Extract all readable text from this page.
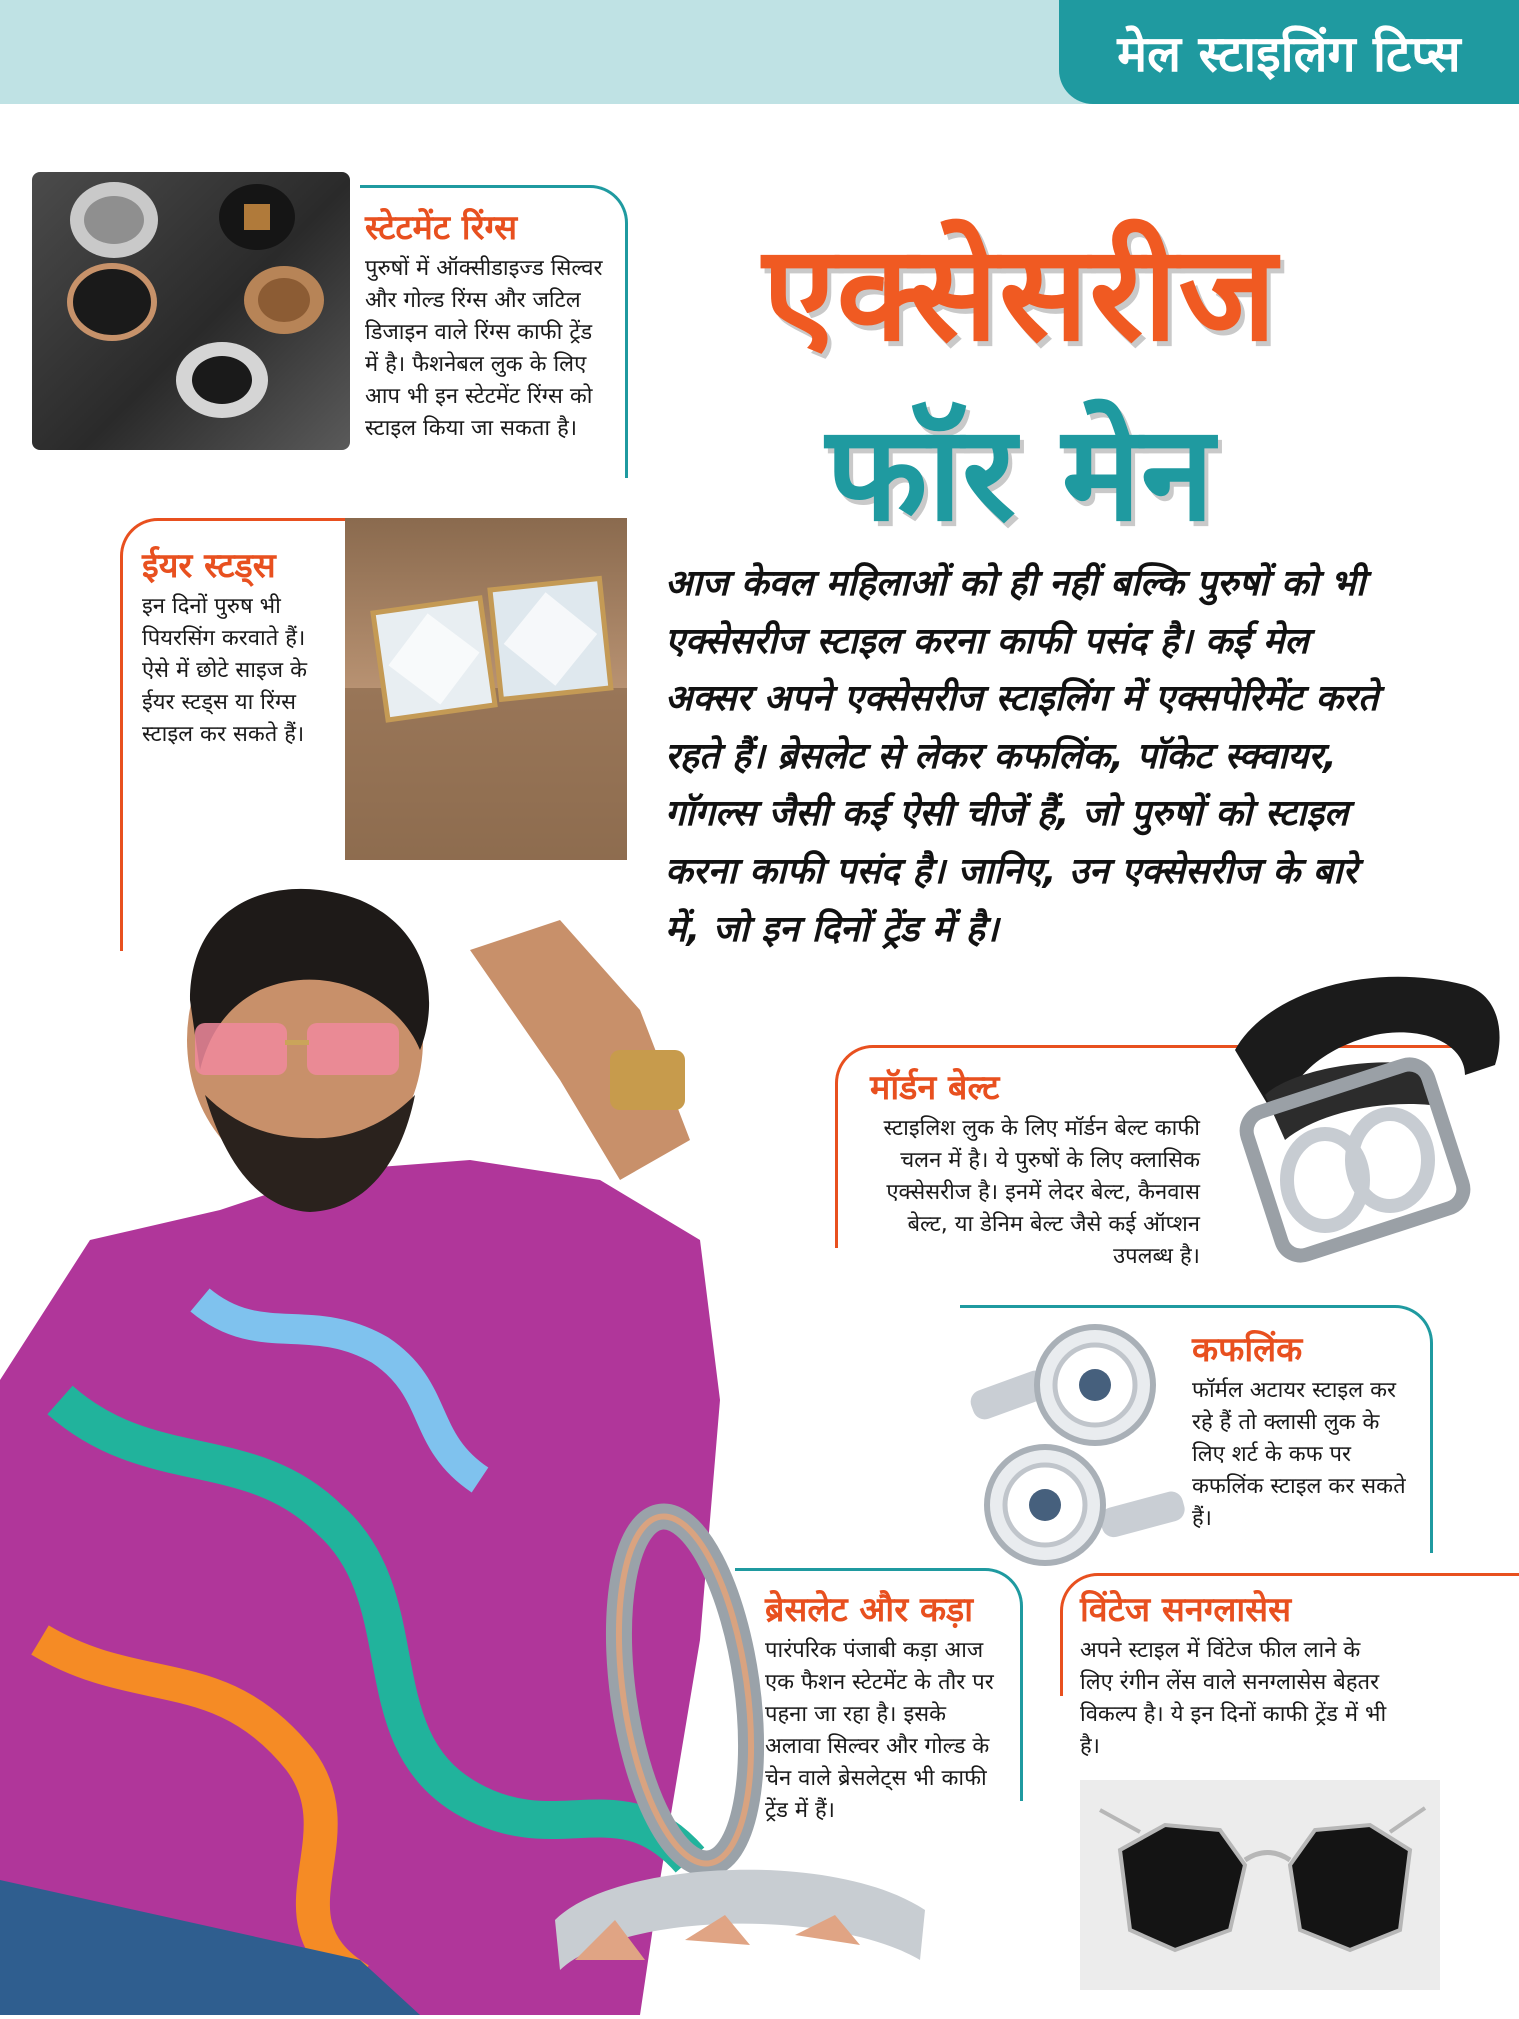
मेल स्टाइलिंग टिप्स

स्टेटमेंट रिंग्स

पुरुषों में ऑक्सीडाइज्ड सिल्वर और गोल्ड रिंग्स और जटिल डिजाइन वाले रिंग्स काफी ट्रेंड में है। फैशनेबल लुक के लिए आप भी इन स्टेटमेंट रिंग्स को स्टाइल किया जा सकता है।

ईयर स्टड्स

इन दिनों पुरुष भी पियरसिंग करवाते हैं। ऐसे में छोटे साइज के ईयर स्टड्स या रिंग्स स्टाइल कर सकते हैं।

एक्सेसरीज
फॉर मेन
आज केवल महिलाओं को ही नहीं बल्कि पुरुषों को भी एक्सेसरीज स्टाइल करना काफी पसंद है। कई मेल अक्सर अपने एक्सेसरीज स्टाइलिंग में एक्सपेरिमेंट करते रहते हैं। ब्रेसलेट से लेकर कफलिंक, पॉकेट स्क्वायर, गॉगल्स जैसी कई ऐसी चीजें हैं, जो पुरुषों को स्टाइल करना काफी पसंद है। जानिए, उन एक्सेसरीज के बारे में, जो इन दिनों ट्रेंड में है।

मॉर्डन बेल्ट

स्टाइलिश लुक के लिए मॉर्डन बेल्ट काफी चलन में है। ये पुरुषों के लिए क्लासिक एक्सेसरीज है। इनमें लेदर बेल्ट, कैनवास बेल्ट, या डेनिम बेल्ट जैसे कई ऑप्शन उपलब्ध है।

कफलिंक

फॉर्मल अटायर स्टाइल कर रहे हैं तो क्लासी लुक के लिए शर्ट के कफ पर कफलिंक स्टाइल कर सकते हैं।

ब्रेसलेट और कड़ा

पारंपरिक पंजाबी कड़ा आज एक फैशन स्टेटमेंट के तौर पर पहना जा रहा है। इसके अलावा सिल्वर और गोल्ड के चेन वाले ब्रेसलेट्स भी काफी ट्रेंड में हैं।

विंटेज सनग्लासेस

अपने स्टाइल में विंटेज फील लाने के लिए रंगीन लेंस वाले सनग्लासेस बेहतर विकल्प है। ये इन दिनों काफी ट्रेंड में भी है।
